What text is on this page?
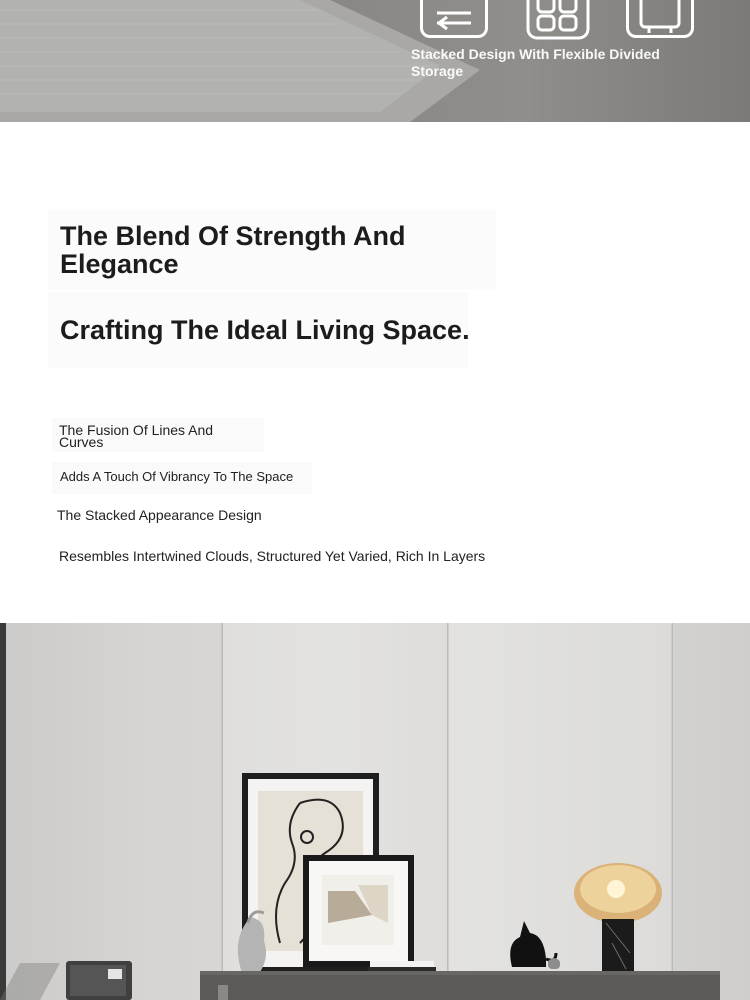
Stacked Design With Flexible Divided Storage
The Blend Of Strength And Elegance
Crafting The Ideal Living Space.

The Fusion Of Lines And Curves

Adds A Touch Of Vibrancy To The Space

The Stacked Appearance Design

Resembles Intertwined Clouds, Structured Yet Varied, Rich In Layers
